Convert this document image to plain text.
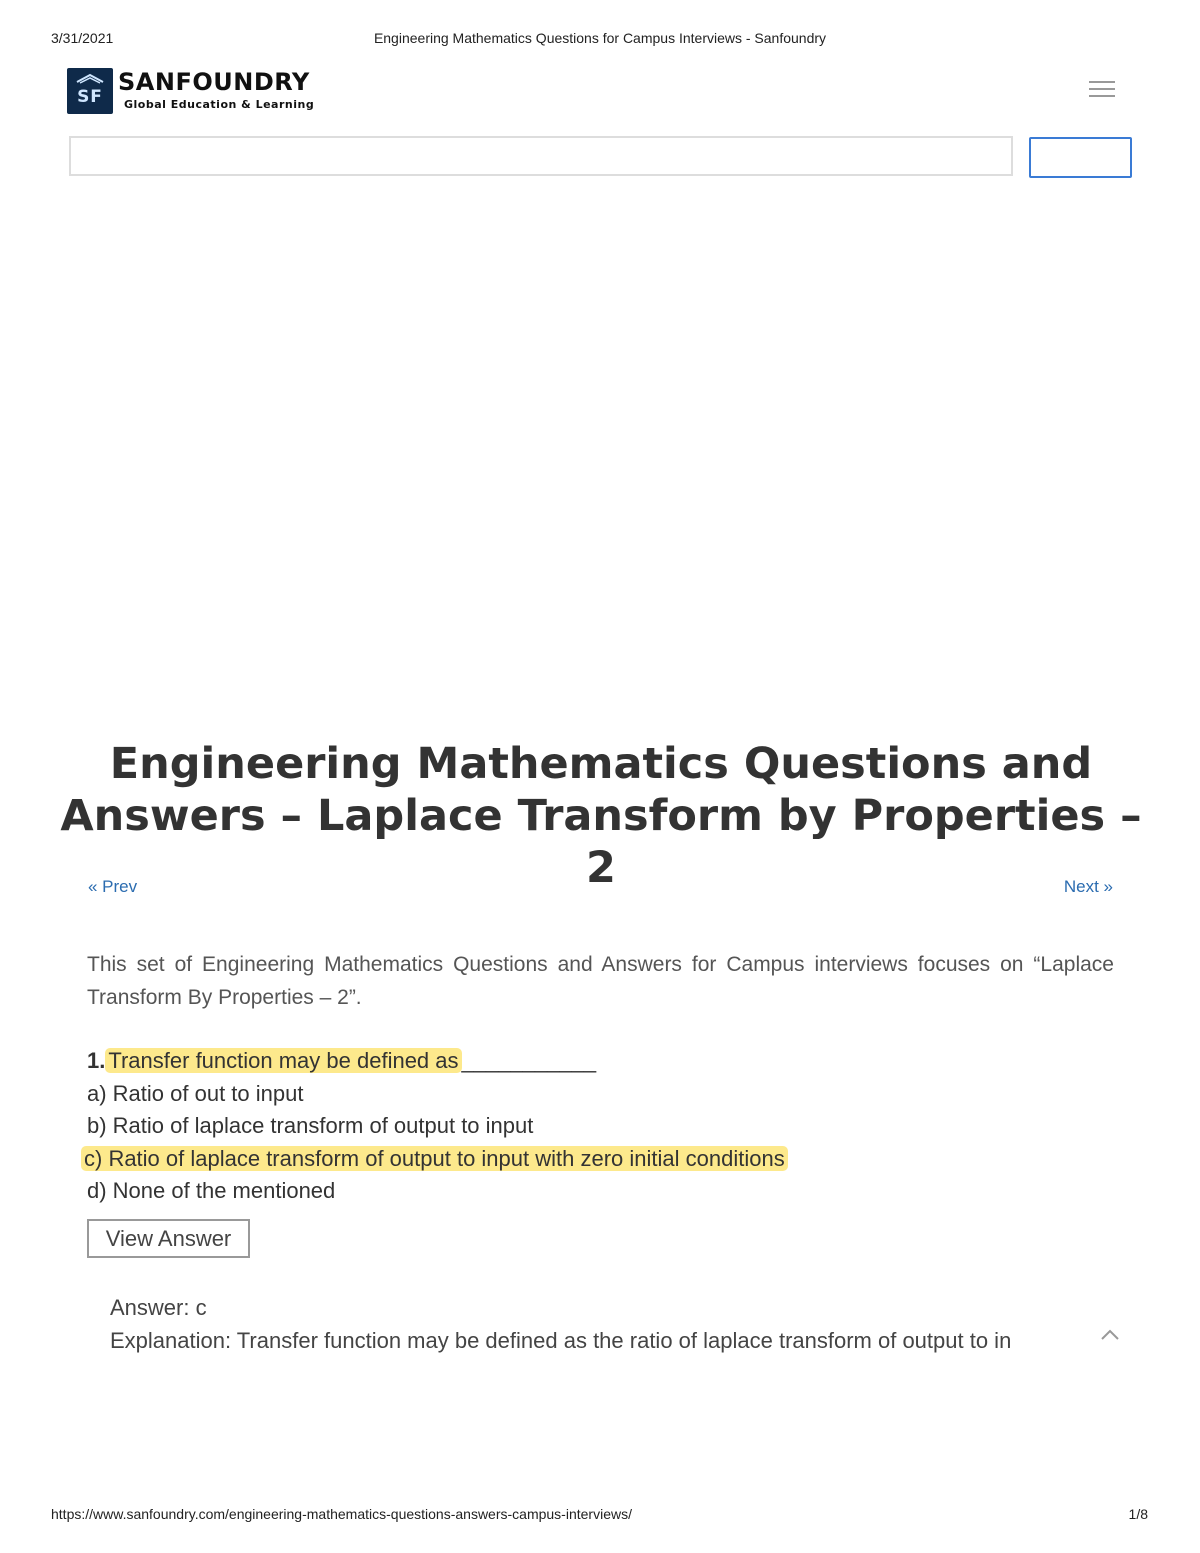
3/31/2021	Engineering Mathematics Questions for Campus Interviews - Sanfoundry
SF
SANFOUNDRY
Global Education & Learning
Engineering Mathematics Questions and
Answers – Laplace Transform by Properties – 2
« Prev	Next »
This set of Engineering Mathematics Questions and Answers for Campus interviews focuses on “Laplace Transform By Properties – 2”.
1. Transfer function may be defined as ___________
a) Ratio of out to input
b) Ratio of laplace transform of output to input
c) Ratio of laplace transform of output to input with zero initial conditions
d) None of the mentioned
View Answer
Answer: c
Explanation: Transfer function may be defined as the ratio of laplace transform of output to in
https://www.sanfoundry.com/engineering-mathematics-questions-answers-campus-interviews/	1/8
